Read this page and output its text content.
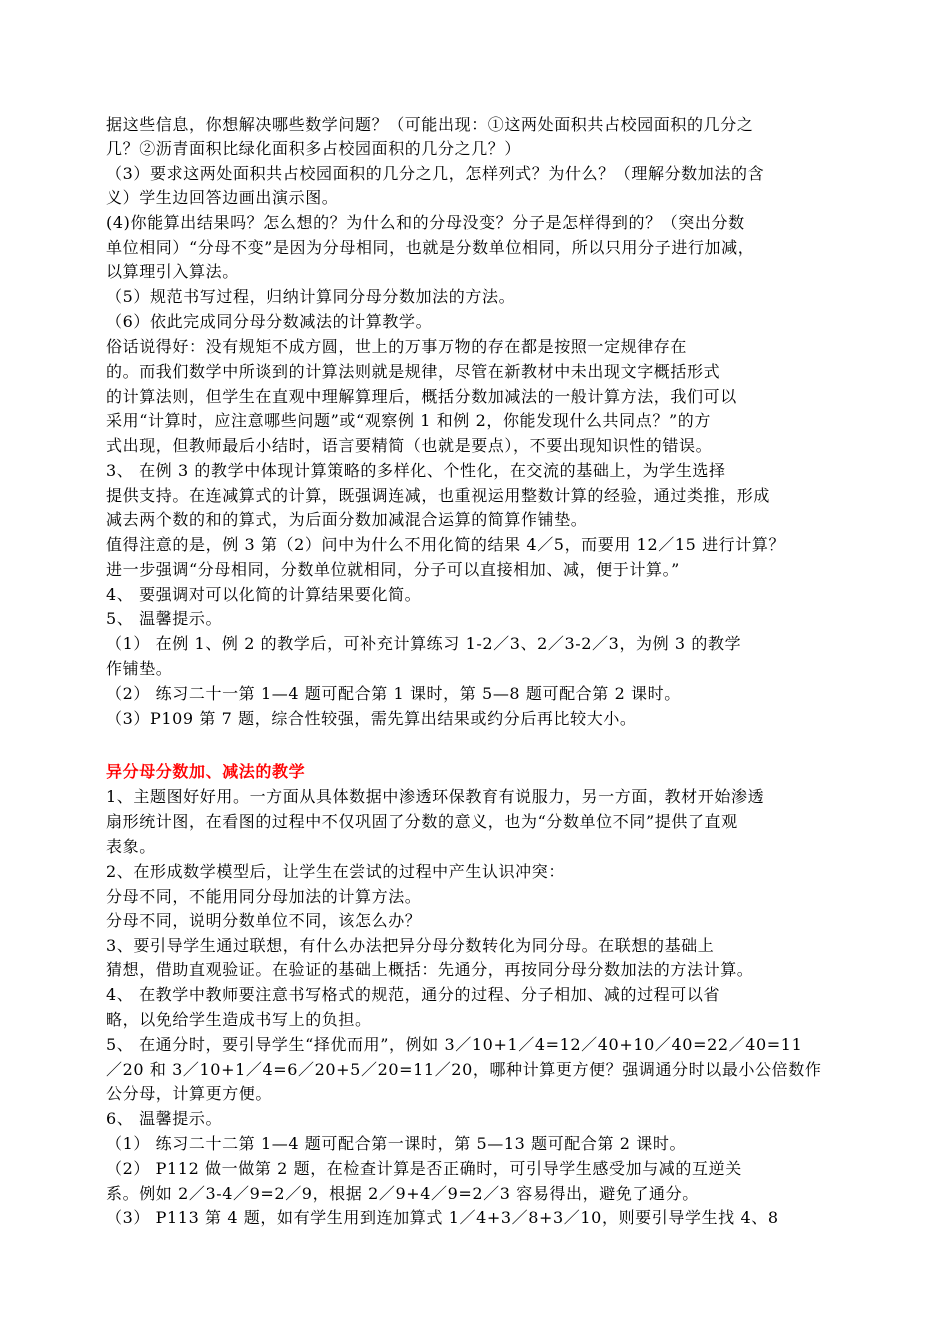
据这些信息，你想解决哪些数学问题？（可能出现：①这两处面积共占校园面积的几分之
几？②沥青面积比绿化面积多占校园面积的几分之几？）
（3）要求这两处面积共占校园面积的几分之几，怎样列式？为什么？（理解分数加法的含
义）学生边回答边画出演示图。
(4)你能算出结果吗？怎么想的？为什么和的分母没变？分子是怎样得到的？（突出分数
单位相同）“分母不变”是因为分母相同，也就是分数单位相同，所以只用分子进行加减，
以算理引入算法。
（5）规范书写过程，归纳计算同分母分数加法的方法。
（6）依此完成同分母分数减法的计算教学。
俗话说得好：没有规矩不成方圆，世上的万事万物的存在都是按照一定规律存在
的。而我们数学中所谈到的计算法则就是规律，尽管在新教材中未出现文字概括形式
的计算法则，但学生在直观中理解算理后，概括分数加减法的一般计算方法，我们可以
采用“计算时，应注意哪些问题”或“观察例 1 和例 2，你能发现什么共同点？”的方
式出现，但教师最后小结时，语言要精简（也就是要点），不要出现知识性的错误。
3、 在例 3 的教学中体现计算策略的多样化、个性化，在交流的基础上，为学生选择
提供支持。在连减算式的计算，既强调连减，也重视运用整数计算的经验，通过类推，形成
减去两个数的和的算式，为后面分数加减混合运算的简算作铺垫。
值得注意的是，例 3 第（2）问中为什么不用化简的结果 4／5，而要用 12／15 进行计算？
进一步强调“分母相同，分数单位就相同，分子可以直接相加、减，便于计算。”
4、 要强调对可以化简的计算结果要化简。
5、 温馨提示。
（1） 在例 1、例 2 的教学后，可补充计算练习 1-2／3、2／3-2／3，为例 3 的教学
作铺垫。
（2） 练习二十一第 1—4 题可配合第 1 课时，第 5—8 题可配合第 2 课时。
（3）P109 第 7 题，综合性较强，需先算出结果或约分后再比较大小。
异分母分数加、减法的教学
1、主题图好好用。一方面从具体数据中渗透环保教育有说服力，另一方面，教材开始渗透
扇形统计图，在看图的过程中不仅巩固了分数的意义，也为“分数单位不同”提供了直观
表象。
2、在形成数学模型后，让学生在尝试的过程中产生认识冲突：
分母不同，不能用同分母加法的计算方法。
分母不同，说明分数单位不同，该怎么办？
3、要引导学生通过联想，有什么办法把异分母分数转化为同分母。在联想的基础上
猜想，借助直观验证。在验证的基础上概括：先通分，再按同分母分数加法的方法计算。
4、 在教学中教师要注意书写格式的规范，通分的过程、分子相加、减的过程可以省
略，以免给学生造成书写上的负担。
5、 在通分时，要引导学生“择优而用”，例如 3／10+1／4=12／40+10／40=22／40=11
／20 和 3／10+1／4=6／20+5／20=11／20，哪种计算更方便？强调通分时以最小公倍数作
公分母，计算更方便。
6、 温馨提示。
（1） 练习二十二第 1—4 题可配合第一课时，第 5—13 题可配合第 2 课时。
（2） P112 做一做第 2 题，在检查计算是否正确时，可引导学生感受加与减的互逆关
系。例如 2／3-4／9=2／9，根据 2／9+4／9=2／3 容易得出，避免了通分。
（3） P113 第 4 题，如有学生用到连加算式 1／4+3／8+3／10，则要引导学生找 4、8
